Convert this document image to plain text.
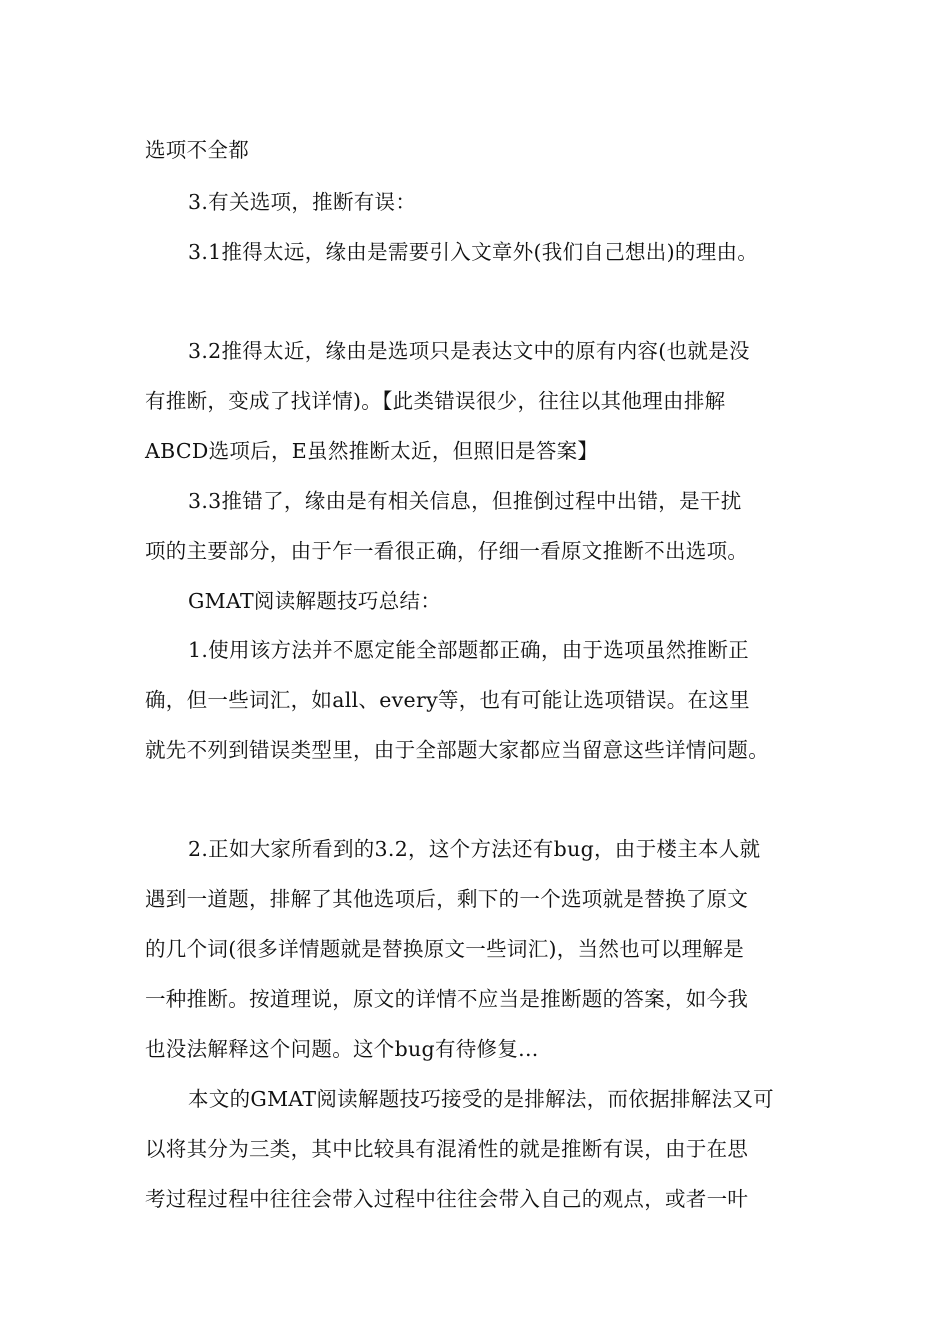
选项不全都
3.有关选项，推断有误：
3.1推得太远，缘由是需要引入文章外(我们自己想出)的理由。
3.2推得太近，缘由是选项只是表达文中的原有内容(也就是没
有推断，变成了找详情)。【此类错误很少，往往以其他理由排解
ABCD选项后，E虽然推断太近，但照旧是答案】
3.3推错了，缘由是有相关信息，但推倒过程中出错，是干扰
项的主要部分，由于乍一看很正确，仔细一看原文推断不出选项。
GMAT阅读解题技巧总结：
1.使用该方法并不愿定能全部题都正确，由于选项虽然推断正
确，但一些词汇，如all、every等，也有可能让选项错误。在这里
就先不列到错误类型里，由于全部题大家都应当留意这些详情问题。
2.正如大家所看到的3.2，这个方法还有bug，由于楼主本人就
遇到一道题，排解了其他选项后，剩下的一个选项就是替换了原文
的几个词(很多详情题就是替换原文一些词汇)，当然也可以理解是
一种推断。按道理说，原文的详情不应当是推断题的答案，如今我
也没法解释这个问题。这个bug有待修复...
本文的GMAT阅读解题技巧接受的是排解法，而依据排解法又可
以将其分为三类，其中比较具有混淆性的就是推断有误，由于在思
考过程过程中往往会带入过程中往往会带入自己的观点，或者一叶
